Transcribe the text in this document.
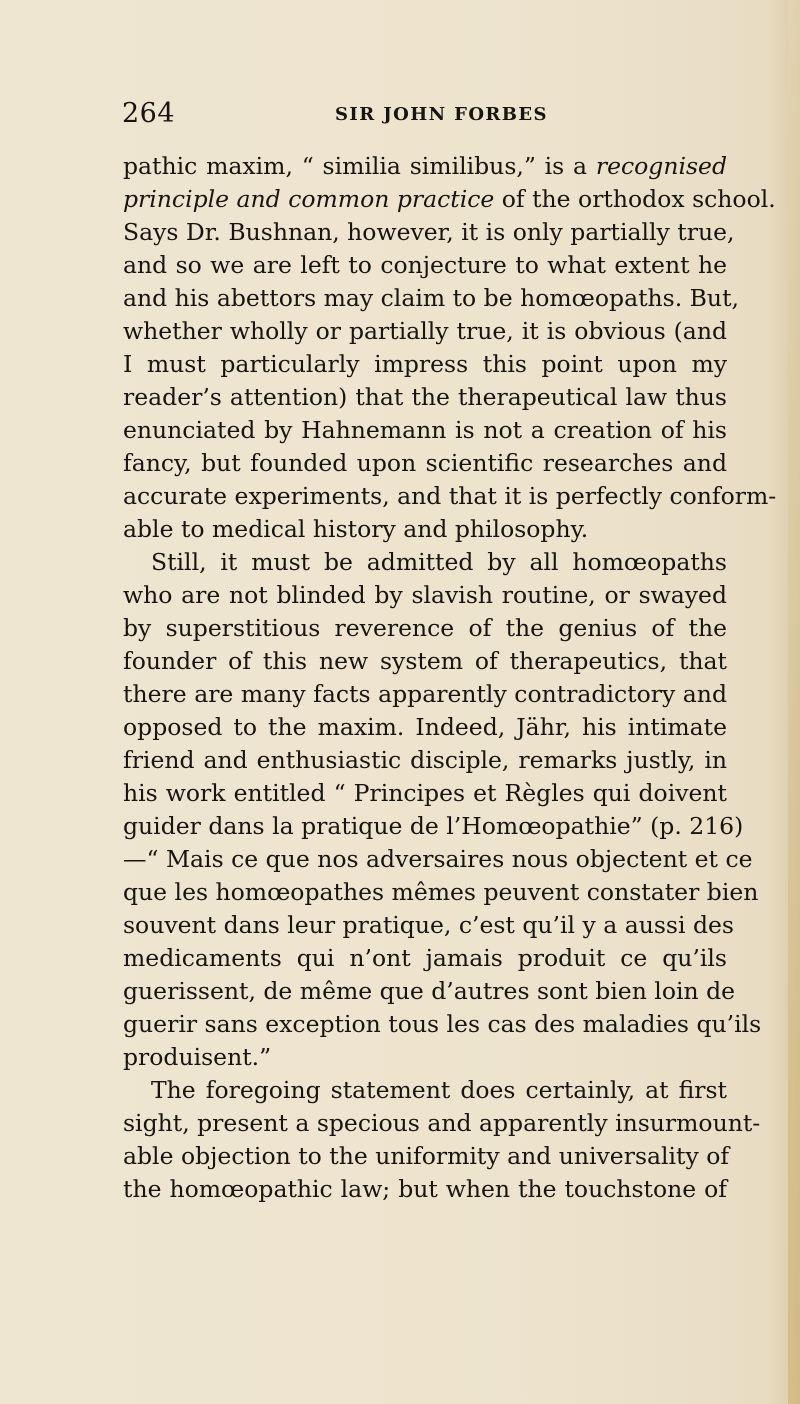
264	SIR JOHN FORBES
pathic maxim, “ similia similibus,” is a recognised
principle and common practice of the orthodox school.
Says Dr. Bushnan, however, it is only partially true,
and so we are left to conjecture to what extent he
and his abettors may claim to be homœopaths. But,
whether wholly or partially true, it is obvious (and
I must particularly impress this point upon my
reader’s attention) that the therapeutical law thus
enunciated by Hahnemann is not a creation of his
fancy, but founded upon scientific researches and
accurate experiments, and that it is perfectly conform-
able to medical history and philosophy.
Still, it must be admitted by all homœopaths
who are not blinded by slavish routine, or swayed
by superstitious reverence of the genius of the
founder of this new system of therapeutics, that
there are many facts apparently contradictory and
opposed to the maxim. Indeed, Jähr, his intimate
friend and enthusiastic disciple, remarks justly, in
his work entitled “ Principes et Règles qui doivent
guider dans la pratique de l’Homœopathie” (p. 216)
—“ Mais ce que nos adversaires nous objectent et ce
que les homœopathes mêmes peuvent constater bien
souvent dans leur pratique, c’est qu’il y a aussi des
medicaments qui n’ont jamais produit ce qu’ils
guerissent, de même que d’autres sont bien loin de
guerir sans exception tous les cas des maladies qu’ils
produisent.”
The foregoing statement does certainly, at first
sight, present a specious and apparently insurmount-
able objection to the uniformity and universality of
the homœopathic law; but when the touchstone of
